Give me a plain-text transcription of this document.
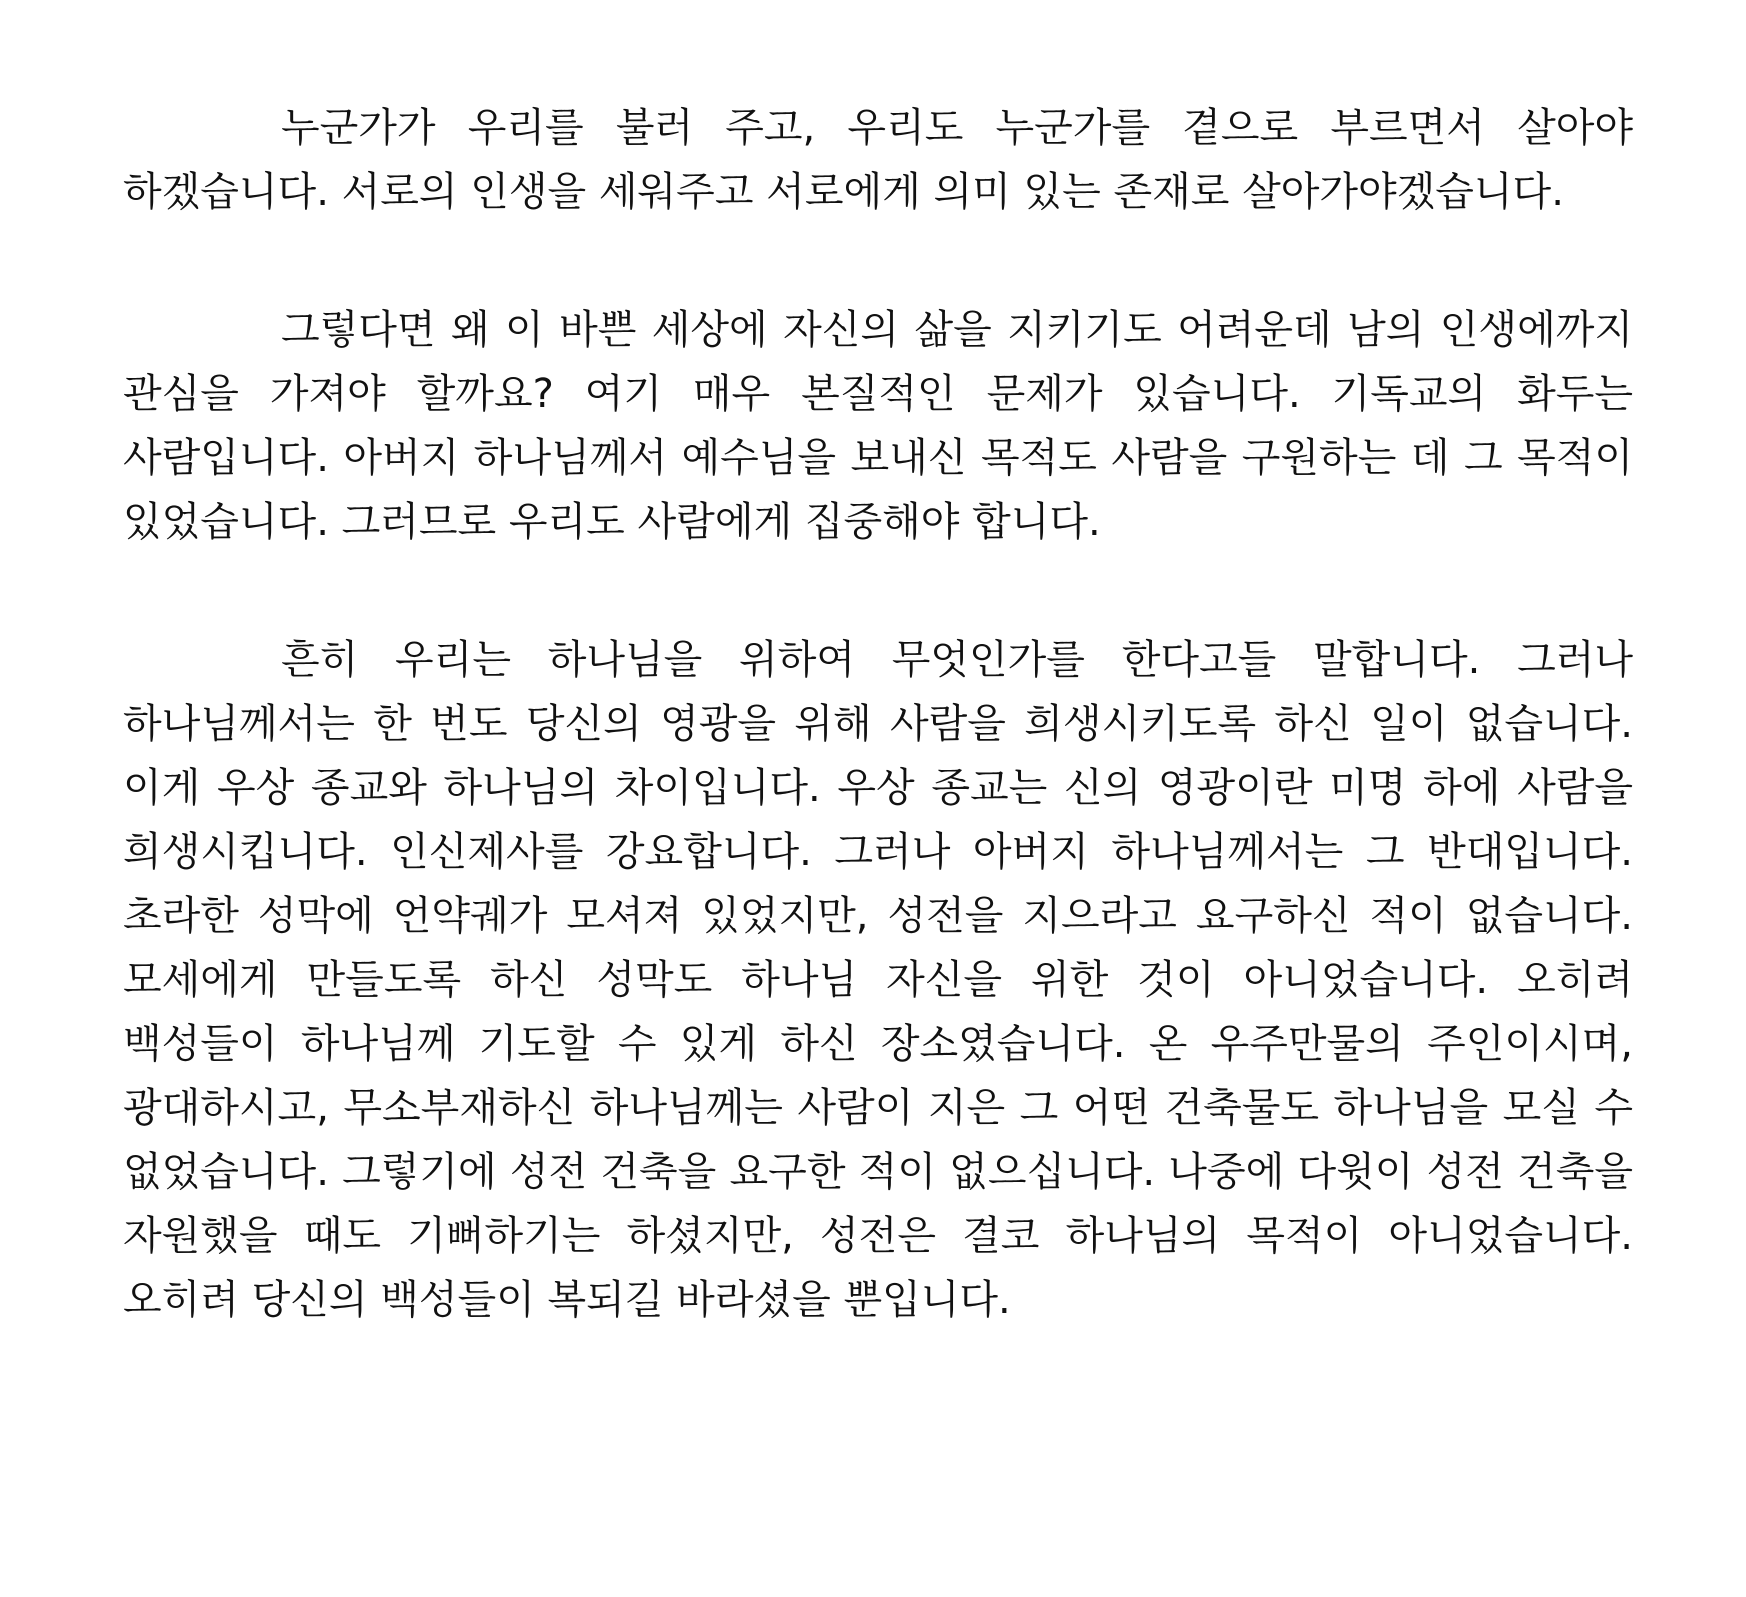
누군가가 우리를 불러 주고, 우리도 누군가를 곁으로 부르면서 살아야 하겠습니다. 서로의 인생을 세워주고 서로에게 의미 있는 존재로 살아가야겠습니다.

그렇다면 왜 이 바쁜 세상에 자신의 삶을 지키기도 어려운데 남의 인생에까지 관심을 가져야 할까요? 여기 매우 본질적인 문제가 있습니다. 기독교의 화두는 사람입니다. 아버지 하나님께서 예수님을 보내신 목적도 사람을 구원하는 데 그 목적이 있었습니다. 그러므로 우리도 사람에게 집중해야 합니다.

흔히 우리는 하나님을 위하여 무엇인가를 한다고들 말합니다. 그러나 하나님께서는 한 번도 당신의 영광을 위해 사람을 희생시키도록 하신 일이 없습니다. 이게 우상 종교와 하나님의 차이입니다. 우상 종교는 신의 영광이란 미명 하에 사람을 희생시킵니다. 인신제사를 강요합니다. 그러나 아버지 하나님께서는 그 반대입니다. 초라한 성막에 언약궤가 모셔져 있었지만, 성전을 지으라고 요구하신 적이 없습니다. 모세에게 만들도록 하신 성막도 하나님 자신을 위한 것이 아니었습니다. 오히려 백성들이 하나님께 기도할 수 있게 하신 장소였습니다. 온 우주만물의 주인이시며, 광대하시고, 무소부재하신 하나님께는 사람이 지은 그 어떤 건축물도 하나님을 모실 수 없었습니다. 그렇기에 성전 건축을 요구한 적이 없으십니다. 나중에 다윗이 성전 건축을 자원했을 때도 기뻐하기는 하셨지만, 성전은 결코 하나님의 목적이 아니었습니다. 오히려 당신의 백성들이 복되길 바라셨을 뿐입니다.
